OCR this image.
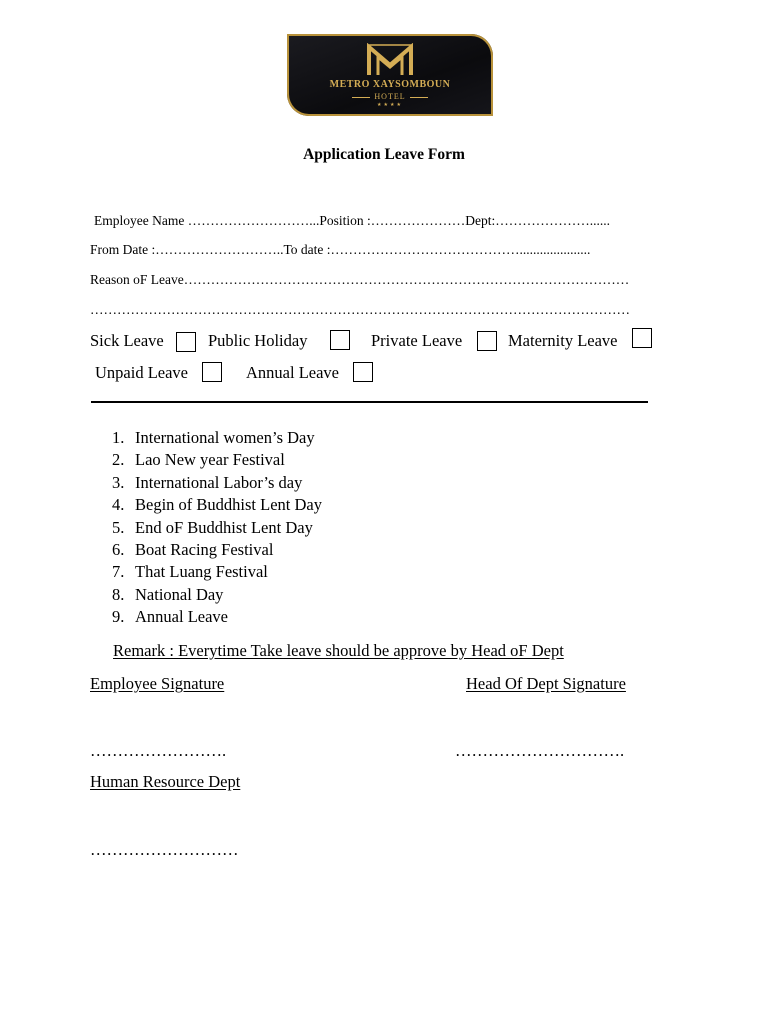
METRO XAYSOMBOUN
HOTEL
★★★★
Application Leave Form
Employee Name ………………………...Position :…………………Dept:…………………......
From Date :………………………..To date :…………………………………….....................
Reason oF Leave………………………………………………………………………………………
…………………………………………………………………………………………………………
Sick Leave	Public Holiday	Private Leave	Maternity Leave
Unpaid Leave	Annual Leave
1. International women’s Day
2. Lao New year Festival
3. International Labor’s day
4. Begin of Buddhist Lent Day
5. End oF Buddhist Lent Day
6. Boat Racing Festival
7. That Luang Festival
8. National Day
9. Annual Leave
Remark : Everytime Take leave should be approve by Head oF Dept
Employee Signature	Head Of Dept Signature
…………………….	………………………….
Human Resource Dept
………………………
